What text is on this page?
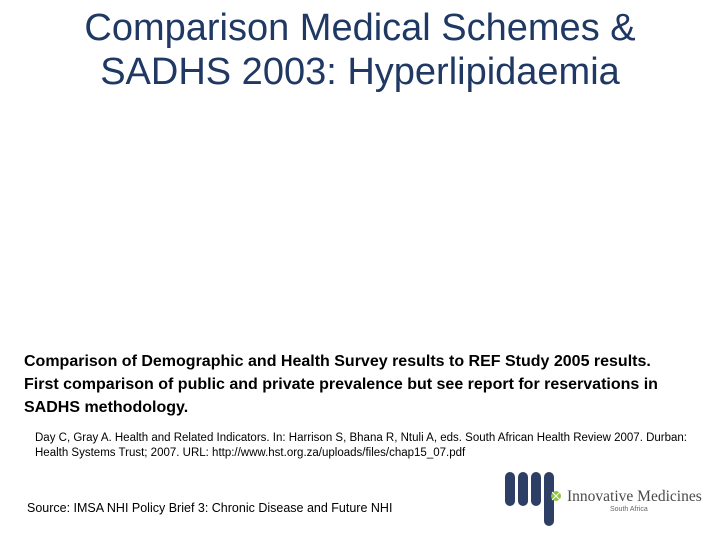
Comparison Medical Schemes &
SADHS 2003: Hyperlipidaemia

Comparison of Demographic and Health Survey results to REF Study 2005 results. First comparison of public and private prevalence but see report for reservations in SADHS methodology.

Day C, Gray A. Health and Related Indicators. In: Harrison S, Bhana R, Ntuli A, eds. South African Health Review 2007. Durban: Health Systems Trust; 2007. URL: http://www.hst.org.za/uploads/files/chap15_07.pdf

Source: IMSA NHI Policy Brief 3: Chronic Disease and Future NHI

Innovative Medicines
South Africa
